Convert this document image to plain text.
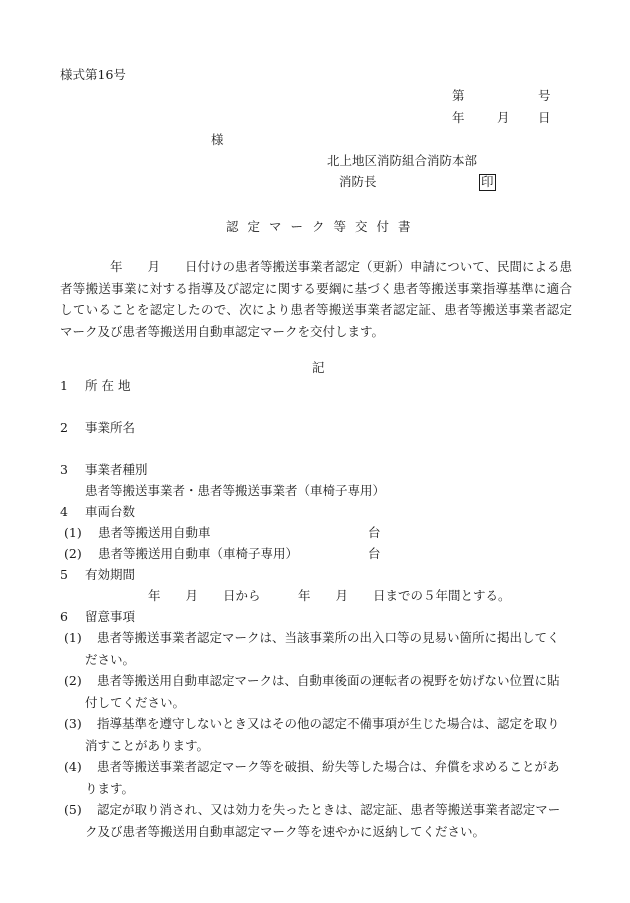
様式第16号
第	号
年	月 日
様
北上地区消防組合消防本部
消防長	印
認定マーク等交付書
年　　月　　日付けの患者等搬送事業者認定（更新）申請について、民間による患者等搬送事業に対する指導及び認定に関する要綱に基づく患者等搬送事業指導基準に適合していることを認定したので、次により患者等搬送事業者認定証、患者等搬送事業者認定マーク及び患者等搬送用自動車認定マークを交付します。
記
1 所在地
2 事業所名
3 事業者種別
患者等搬送事業者・患者等搬送事業者（車椅子専用）
4 車両台数
(1) 患者等搬送用自動車	台
(2) 患者等搬送用自動車（車椅子専用）	台
5 有効期間
年　　月　　日から　　　年　　月　　日までの５年間とする。
6 留意事項
(1)	患者等搬送事業者認定マークは、当該事業所の出入口等の見易い箇所に掲出してください。
(2)	患者等搬送用自動車認定マークは、自動車後面の運転者の視野を妨げない位置に貼付してください。
(3)	指導基準を遵守しないとき又はその他の認定不備事項が生じた場合は、認定を取り消すことがあります。
(4)	患者等搬送事業者認定マーク等を破損、紛失等した場合は、弁償を求めることがあります。
(5)	認定が取り消され、又は効力を失ったときは、認定証、患者等搬送事業者認定マーク及び患者等搬送用自動車認定マーク等を速やかに返納してください。
